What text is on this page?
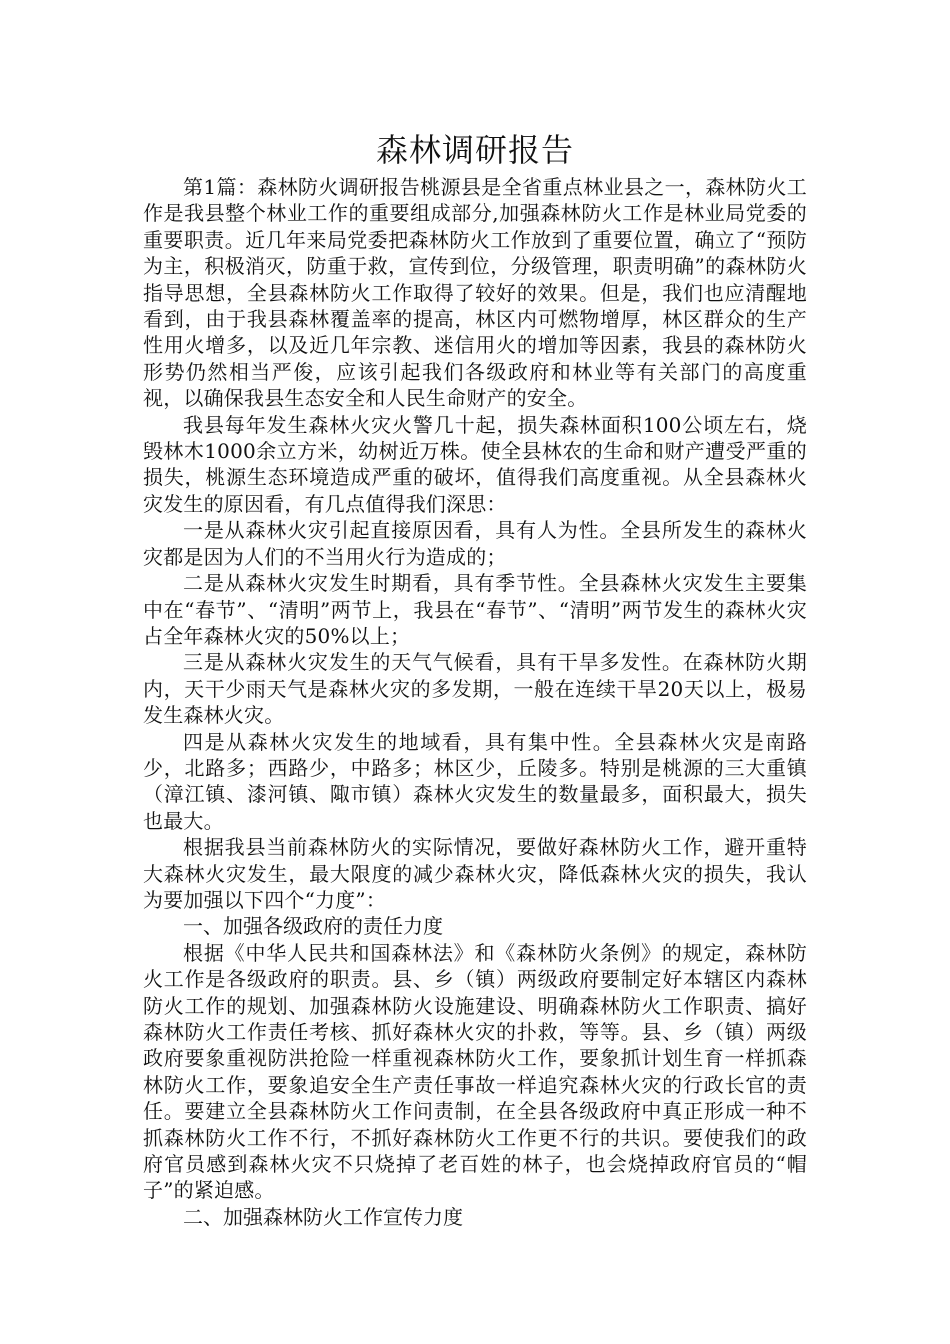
森林调研报告

第1篇：森林防火调研报告桃源县是全省重点林业县之一，森林防火工作是我县整个林业工作的重要组成部分,加强森林防火工作是林业局党委的重要职责。近几年来局党委把森林防火工作放到了重要位置，确立了“预防为主，积极消灭，防重于救，宣传到位，分级管理，职责明确”的森林防火指导思想，全县森林防火工作取得了较好的效果。但是，我们也应清醒地看到，由于我县森林覆盖率的提高，林区内可燃物增厚，林区群众的生产性用火增多，以及近几年宗教、迷信用火的增加等因素，我县的森林防火形势仍然相当严俊，应该引起我们各级政府和林业等有关部门的高度重视，以确保我县生态安全和人民生命财产的安全。

我县每年发生森林火灾火警几十起，损失森林面积100公顷左右，烧毁林木1000余立方米，幼树近万株。使全县林农的生命和财产遭受严重的损失，桃源生态环境造成严重的破坏，值得我们高度重视。从全县森林火灾发生的原因看，有几点值得我们深思：

一是从森林火灾引起直接原因看，具有人为性。全县所发生的森林火灾都是因为人们的不当用火行为造成的；

二是从森林火灾发生时期看，具有季节性。全县森林火灾发生主要集中在“春节”、“清明”两节上，我县在“春节”、“清明”两节发生的森林火灾占全年森林火灾的50%以上；

三是从森林火灾发生的天气气候看，具有干旱多发性。在森林防火期内，天干少雨天气是森林火灾的多发期，一般在连续干旱20天以上，极易发生森林火灾。

四是从森林火灾发生的地域看，具有集中性。全县森林火灾是南路少，北路多；西路少，中路多；林区少，丘陵多。特别是桃源的三大重镇（漳江镇、漆河镇、陬市镇）森林火灾发生的数量最多，面积最大，损失也最大。

根据我县当前森林防火的实际情况，要做好森林防火工作，避开重特大森林火灾发生，最大限度的减少森林火灾，降低森林火灾的损失，我认为要加强以下四个“力度”：

一、加强各级政府的责任力度

根据《中华人民共和国森林法》和《森林防火条例》的规定，森林防火工作是各级政府的职责。县、乡（镇）两级政府要制定好本辖区内森林防火工作的规划、加强森林防火设施建设、明确森林防火工作职责、搞好森林防火工作责任考核、抓好森林火灾的扑救，等等。县、乡（镇）两级政府要象重视防洪抢险一样重视森林防火工作，要象抓计划生育一样抓森林防火工作，要象追安全生产责任事故一样追究森林火灾的行政长官的责任。要建立全县森林防火工作问责制，在全县各级政府中真正形成一种不抓森林防火工作不行，不抓好森林防火工作更不行的共识。要使我们的政府官员感到森林火灾不只烧掉了老百姓的林子，也会烧掉政府官员的“帽子”的紧迫感。

二、加强森林防火工作宣传力度
